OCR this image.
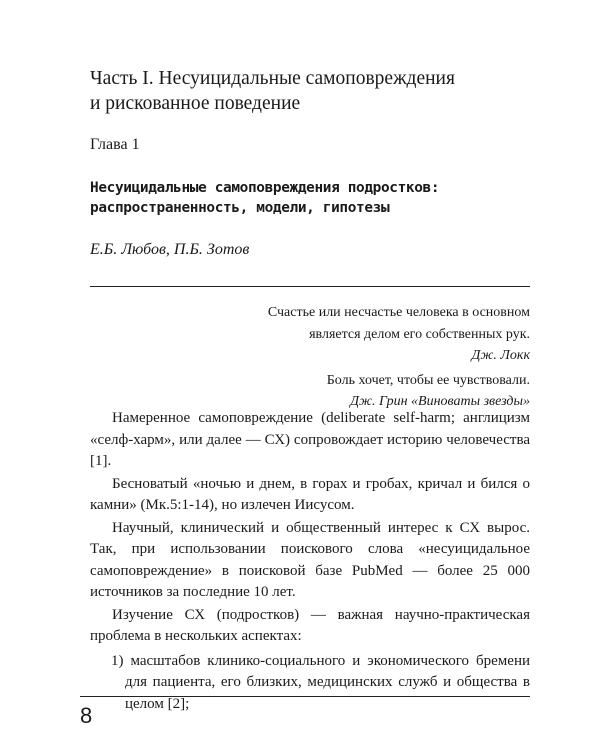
Часть I. Несуицидальные самоповреждения
и рискованное поведение
Глава 1
Несуицидальные самоповреждения подростков:
распространенность, модели, гипотезы
Е.Б. Любов, П.Б. Зотов
Счастье или несчастье человека в основном
является делом его собственных рук.
Дж. Локк
Боль хочет, чтобы ее чувствовали.
Дж. Грин «Виноваты звезды»

Намеренное самоповреждение (deliberate self-harm; англицизм «селф-харм», или далее — СХ) сопровождает историю человечества [1].

Бесноватый «ночью и днем, в горах и гробах, кричал и бился о камни» (Мк.5:1-14), но излечен Иисусом.

Научный, клинический и общественный интерес к СХ вырос. Так, при использовании поискового слова «несуицидальное самоповреждение» в поисковой базе PubMed — более 25 000 источников за последние 10 лет.

Изучение СХ (подростков) — важная научно-практическая проблема в нескольких аспектах:

1) масштабов клинико-социального и экономического бремени для пациента, его близких, медицинских служб и общества в целом [2];

8
